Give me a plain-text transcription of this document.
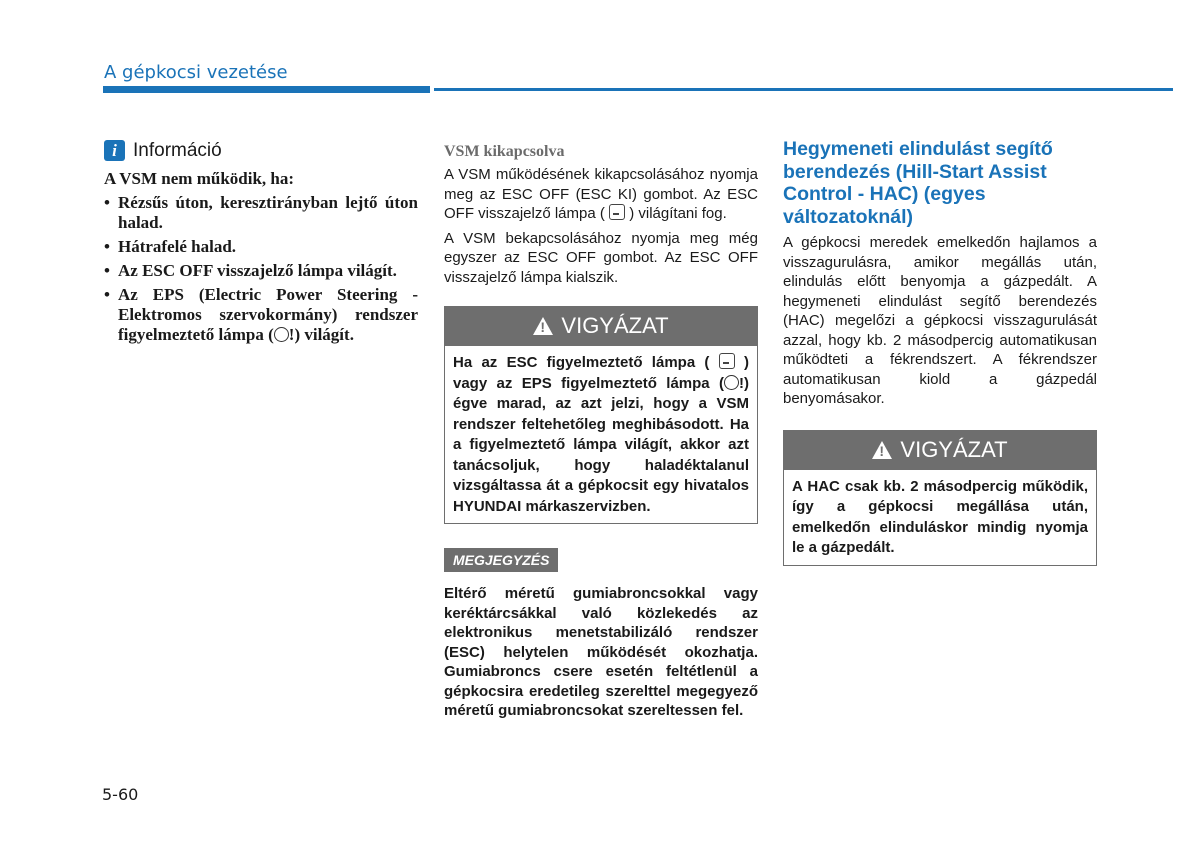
A gépkocsi vezetése
i Információ
A VSM nem működik, ha:
• Rézsűs úton, keresztirányban lejtő úton halad.
• Hátrafelé halad.
• Az ESC OFF visszajelző lámpa világít.
• Az EPS (Electric Power Steering - Elektromos szervokormány) rendszer figyelmeztető lámpa ( !) világít.
VSM kikapcsolva

A VSM működésének kikapcsolásához nyomja meg az ESC OFF (ESC KI) gombot. Az ESC OFF visszajelző lámpa ( ) világítani fog.

A VSM bekapcsolásához nyomja meg még egyszer az ESC OFF gombot. Az ESC OFF visszajelző lámpa kialszik.

!
VIGYÁZAT
Ha az ESC figyelmeztető lámpa ( ) vagy az EPS figyelmeztető lámpa ( !) égve marad, az azt jelzi, hogy a VSM rendszer feltehetőleg meghibásodott. Ha a figyelmeztető lámpa világít, akkor azt tanácsoljuk, hogy haladéktalanul vizsgáltassa át a gépkocsit egy hivatalos HYUNDAI márkaszervizben.
MEGJEGYZÉS
Eltérő méretű gumiabroncsokkal vagy keréktárcsákkal való közlekedés az elektronikus menetstabilizáló rendszer (ESC) helytelen működését okozhatja. Gumiabroncs csere esetén feltétlenül a gépkocsira eredetileg szerelttel megegyező méretű gumiabroncsokat szereltessen fel.
Hegymeneti elindulást segítő berendezés (Hill-Start Assist Control - HAC) (egyes változatoknál)

A gépkocsi meredek emelkedőn hajlamos a visszagurulásra, amikor megállás után, elindulás előtt benyomja a gázpedált. A hegymeneti elindulást segítő berendezés (HAC) megelőzi a gépkocsi visszagurulását azzal, hogy kb. 2 másodpercig automatikusan működteti a fékrendszert. A fékrendszer automatikusan kiold a gázpedál benyomásakor.

!
VIGYÁZAT
A HAC csak kb. 2 másodpercig működik, így a gépkocsi megállása után, emelkedőn elinduláskor mindig nyomja le a gázpedált.
5-60
